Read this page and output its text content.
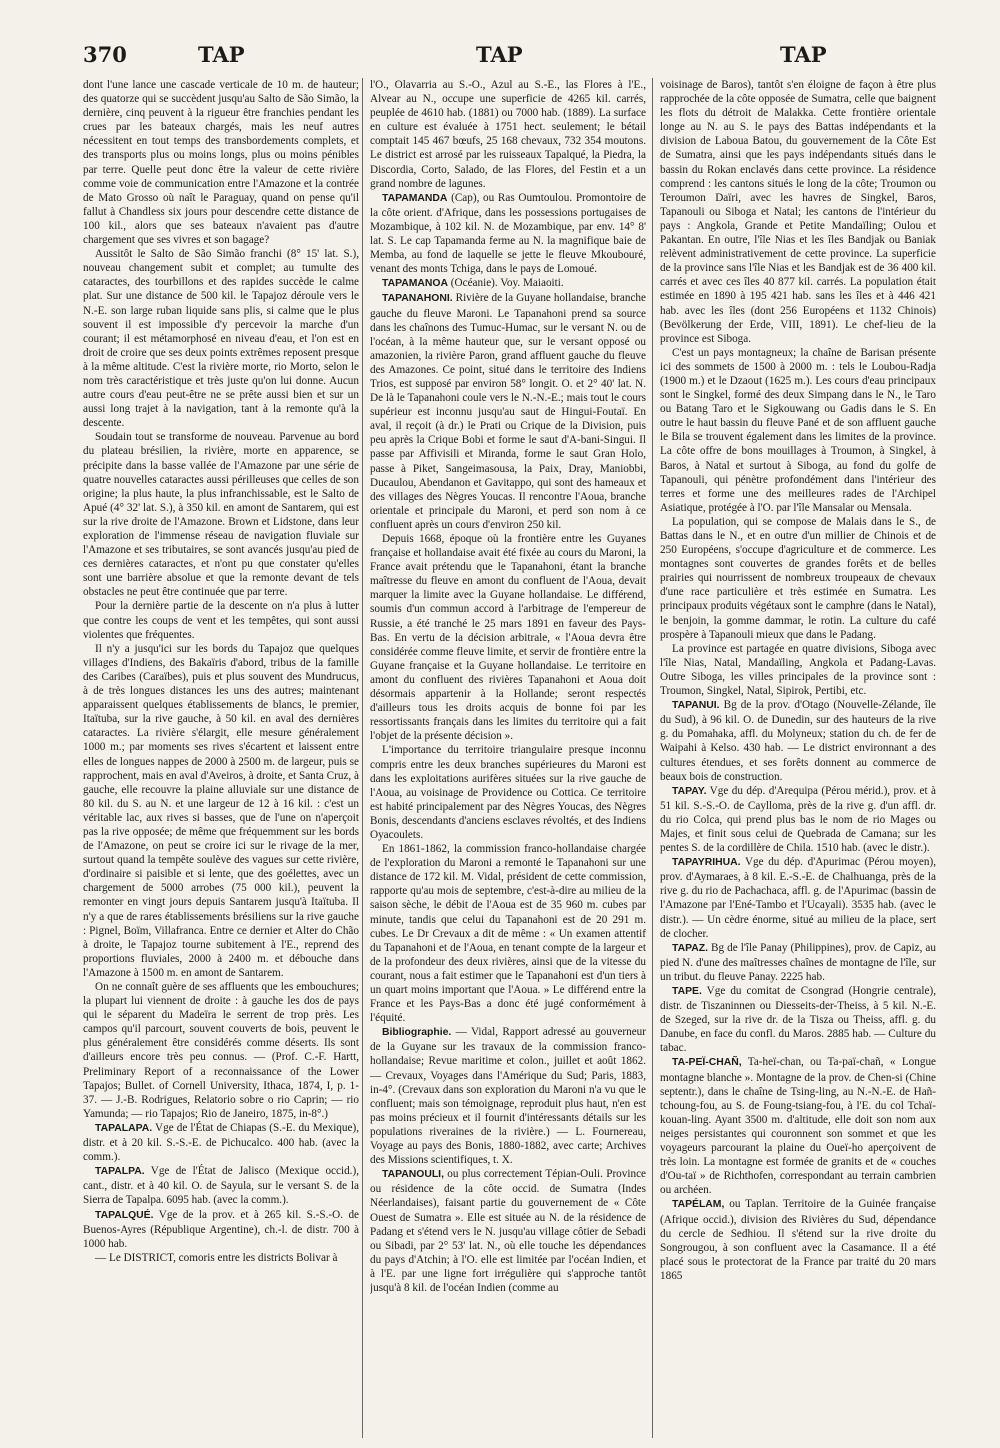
370	TAP	TAP	TAP

dont l'une lance une cascade verticale de 10 m. de hauteur; des quatorze qui se succèdent jusqu'au Salto de São Simão, la dernière, cinq peuvent à la rigueur être franchies pendant les crues par les bateaux chargés, mais les neuf autres nécessitent en tout temps des transbordements complets, et des transports plus ou moins longs, plus ou moins pénibles par terre. Quelle peut donc être la valeur de cette rivière comme voie de communication entre l'Amazone et la contrée de Mato Grosso où naît le Paraguay, quand on pense qu'il fallut à Chandless six jours pour descendre cette distance de 100 kil., alors que ses bateaux n'avaient pas d'autre chargement que ses vivres et son bagage?

Aussitôt le Salto de São Simão franchi (8° 15' lat. S.), nouveau changement subit et complet; au tumulte des cataractes, des tourbillons et des rapides succède le calme plat. Sur une distance de 500 kil. le Tapajoz déroule vers le N.-E. son large ruban liquide sans plis, si calme que le plus souvent il est impossible d'y percevoir la marche d'un courant; il est métamorphosé en niveau d'eau, et l'on est en droit de croire que ses deux points extrêmes reposent presque à la même altitude. C'est la rivière morte, rio Morto, selon le nom très caractéristique et très juste qu'on lui donne. Aucun autre cours d'eau peut-être ne se prête aussi bien et sur un aussi long trajet à la navigation, tant à la remonte qu'à la descente.

Soudain tout se transforme de nouveau. Parvenue au bord du plateau brésilien, la rivière, morte en apparence, se précipite dans la basse vallée de l'Amazone par une série de quatre nouvelles cataractes aussi périlleuses que celles de son origine; la plus haute, la plus infranchissable, est le Salto de Apué (4° 32' lat. S.), à 350 kil. en amont de Santarem, qui est sur la rive droite de l'Amazone. Brown et Lidstone, dans leur exploration de l'immense réseau de navigation fluviale sur l'Amazone et ses tributaires, se sont avancés jusqu'au pied de ces dernières cataractes, et n'ont pu que constater qu'elles sont une barrière absolue et que la remonte devant de tels obstacles ne peut être continuée que par terre.

Pour la dernière partie de la descente on n'a plus à lutter que contre les coups de vent et les tempêtes, qui sont aussi violentes que fréquentes.

Il n'y a jusqu'ici sur les bords du Tapajoz que quelques villages d'Indiens, des Bakaïris d'abord, tribus de la famille des Caribes (Caraïbes), puis et plus souvent des Mundrucus, à de très longues distances les uns des autres; maintenant apparaissent quelques établissements de blancs, le premier, Itaïtuba, sur la rive gauche, à 50 kil. en aval des dernières cataractes. La rivière s'élargit, elle mesure généralement 1000 m.; par moments ses rives s'écartent et laissent entre elles de longues nappes de 2000 à 2500 m. de largeur, puis se rapprochent, mais en aval d'Aveiros, à droite, et Santa Cruz, à gauche, elle recouvre la plaine alluviale sur une distance de 80 kil. du S. au N. et une largeur de 12 à 16 kil. : c'est un véritable lac, aux rives si basses, que de l'une on n'aperçoit pas la rive opposée; de même que fréquemment sur les bords de l'Amazone, on peut se croire ici sur le rivage de la mer, surtout quand la tempête soulève des vagues sur cette rivière, d'ordinaire si paisible et si lente, que des goélettes, avec un chargement de 5000 arrobes (75 000 kil.), peuvent la remonter en vingt jours depuis Santarem jusqu'à Itaïtuba. Il n'y a que de rares établissements brésiliens sur la rive gauche : Pignel, Boïm, Villafranca. Entre ce dernier et Alter do Chão à droite, le Tapajoz tourne subitement à l'E., reprend des proportions fluviales, 2000 à 2400 m. et débouche dans l'Amazone à 1500 m. en amont de Santarem.

On ne connaît guère de ses affluents que les embouchures; la plupart lui viennent de droite : à gauche les dos de pays qui le séparent du Madeïra le serrent de trop près. Les campos qu'il parcourt, souvent couverts de bois, peuvent le plus généralement être considérés comme déserts. Ils sont d'ailleurs encore très peu connus. — (Prof. C.-F. Hartt, Preliminary Report of a reconnaissance of the Lower Tapajos; Bullet. of Cornell University, Ithaca, 1874, I, p. 1-37. — J.-B. Rodrigues, Relatorio sobre o rio Caprin; — rio Yamunda; — rio Tapajos; Rio de Janeiro, 1875, in-8°.)

TAPALAPA. Vge de l'État de Chiapas (S.-E. du Mexique), distr. et à 20 kil. S.-S.-E. de Pichucalco. 400 hab. (avec la comm.).

TAPALPA. Vge de l'État de Jalisco (Mexique occid.), cant., distr. et à 40 kil. O. de Sayula, sur le versant S. de la Sierra de Tapalpa. 6095 hab. (avec la comm.).

TAPALQUÉ. Vge de la prov. et à 265 kil. S.-S.-O. de Buenos-Ayres (République Argentine), ch.-l. de distr. 700 à 1000 hab.

— Le DISTRICT, comoris entre les districts Bolivar à

l'O., Olavarria au S.-O., Azul au S.-E., las Flores à l'E., Alvear au N., occupe une superficie de 4265 kil. carrés, peuplée de 4610 hab. (1881) ou 7000 hab. (1889). La surface en culture est évaluée à 1751 hect. seulement; le bétail comptait 145 467 bœufs, 25 168 chevaux, 732 354 moutons. Le district est arrosé par les ruisseaux Tapalqué, la Piedra, la Discordia, Corto, Salado, de las Flores, del Festin et a un grand nombre de lagunes.

TAPAMANDA (Cap), ou Ras Oumtoulou. Promontoire de la côte orient. d'Afrique, dans les possessions portugaises de Mozambique, à 102 kil. N. de Mozambique, par env. 14° 8' lat. S. Le cap Tapamanda ferme au N. la magnifique baie de Memba, au fond de laquelle se jette le fleuve Mkoubouré, venant des monts Tchiga, dans le pays de Lomoué.

TAPAMANOA (Océanie). Voy. Maiaoiti.

TAPANAHONI. Rivière de la Guyane hollandaise, branche gauche du fleuve Maroni. Le Tapanahoni prend sa source dans les chaînons des Tumuc-Humac, sur le versant N. ou de l'océan, à la même hauteur que, sur le versant opposé ou amazonien, la rivière Paron, grand affluent gauche du fleuve des Amazones. Ce point, situé dans le territoire des Indiens Trios, est supposé par environ 58° longit. O. et 2° 40' lat. N. De là le Tapanahoni coule vers le N.-N.-E.; mais tout le cours supérieur est inconnu jusqu'au saut de Hingui-Foutaï. En aval, il reçoit (à dr.) le Prati ou Crique de la Division, puis peu après la Crique Bobi et forme le saut d'A-bani-Singui. Il passe par Affivisili et Miranda, forme le saut Gran Holo, passe à Piket, Sangeimasousa, la Paix, Dray, Maniobbi, Ducaulou, Abendanon et Gavitappo, qui sont des hameaux et des villages des Nègres Youcas. Il rencontre l'Aoua, branche orientale et principale du Maroni, et perd son nom à ce confluent après un cours d'environ 250 kil.

Depuis 1668, époque où la frontière entre les Guyanes française et hollandaise avait été fixée au cours du Maroni, la France avait prétendu que le Tapanahoni, étant la branche maîtresse du fleuve en amont du confluent de l'Aoua, devait marquer la limite avec la Guyane hollandaise. Le différend, soumis d'un commun accord à l'arbitrage de l'empereur de Russie, a été tranché le 25 mars 1891 en faveur des Pays-Bas. En vertu de la décision arbitrale, « l'Aoua devra être considérée comme fleuve limite, et servir de frontière entre la Guyane française et la Guyane hollandaise. Le territoire en amont du confluent des rivières Tapanahoni et Aoua doit désormais appartenir à la Hollande; seront respectés d'ailleurs tous les droits acquis de bonne foi par les ressortissants français dans les limites du territoire qui a fait l'objet de la présente décision ».

L'importance du territoire triangulaire presque inconnu compris entre les deux branches supérieures du Maroni est dans les exploitations aurifères situées sur la rive gauche de l'Aoua, au voisinage de Providence ou Cottica. Ce territoire est habité principalement par des Nègres Youcas, des Nègres Bonis, descendants d'anciens esclaves révoltés, et des Indiens Oyacoulets.

En 1861-1862, la commission franco-hollandaise chargée de l'exploration du Maroni a remonté le Tapanahoni sur une distance de 172 kil. M. Vidal, président de cette commission, rapporte qu'au mois de septembre, c'est-à-dire au milieu de la saison sèche, le débit de l'Aoua est de 35 960 m. cubes par minute, tandis que celui du Tapanahoni est de 20 291 m. cubes. Le Dr Crevaux a dit de même : « Un examen attentif du Tapanahoni et de l'Aoua, en tenant compte de la largeur et de la profondeur des deux rivières, ainsi que de la vitesse du courant, nous a fait estimer que le Tapanahoni est d'un tiers à un quart moins important que l'Aoua. » Le différend entre la France et les Pays-Bas a donc été jugé conformément à l'équité.

Bibliographie. — Vidal, Rapport adressé au gouverneur de la Guyane sur les travaux de la commission franco-hollandaise; Revue maritime et colon., juillet et août 1862. — Crevaux, Voyages dans l'Amérique du Sud; Paris, 1883, in-4°. (Crevaux dans son exploration du Maroni n'a vu que le confluent; mais son témoignage, reproduit plus haut, n'en est pas moins précieux et il fournit d'intéressants détails sur les populations riveraines de la rivière.) — L. Fournereau, Voyage au pays des Bonis, 1880-1882, avec carte; Archives des Missions scientifiques, t. X.

TAPANOULI, ou plus correctement Tépian-Ouli. Province ou résidence de la côte occid. de Sumatra (Indes Néerlandaises), faisant partie du gouvernement de « Côte Ouest de Sumatra ». Elle est située au N. de la résidence de Padang et s'étend vers le N. jusqu'au village côtier de Sebadi ou Sibadi, par 2° 53' lat. N., où elle touche les dépendances du pays d'Atchin; à l'O. elle est limitée par l'océan Indien, et à l'E. par une ligne fort irrégulière qui s'approche tantôt jusqu'à 8 kil. de l'océan Indien (comme au

voisinage de Baros), tantôt s'en éloigne de façon à être plus rapprochée de la côte opposée de Sumatra, celle que baignent les flots du détroit de Malakka. Cette frontière orientale longe au N. au S. le pays des Battas indépendants et la division de Laboua Batou, du gouvernement de la Côte Est de Sumatra, ainsi que les pays indépendants situés dans le bassin du Rokan enclavés dans cette province. La résidence comprend : les cantons situés le long de la côte; Troumon ou Teroumon Daïri, avec les havres de Singkel, Baros, Tapanouli ou Siboga et Natal; les cantons de l'intérieur du pays : Angkola, Grande et Petite Mandaïling; Oulou et Pakantan. En outre, l'île Nias et les îles Bandjak ou Baniak relèvent administrativement de cette province. La superficie de la province sans l'île Nias et les Bandjak est de 36 400 kil. carrés et avec ces îles 40 877 kil. carrés. La population était estimée en 1890 à 195 421 hab. sans les îles et à 446 421 hab. avec les îles (dont 256 Européens et 1132 Chinois) (Bevölkerung der Erde, VIII, 1891). Le chef-lieu de la province est Siboga.

C'est un pays montagneux; la chaîne de Barisan présente ici des sommets de 1500 à 2000 m. : tels le Loubou-Radja (1900 m.) et le Dzaout (1625 m.). Les cours d'eau principaux sont le Singkel, formé des deux Simpang dans le N., le Taro ou Batang Taro et le Sigkouwang ou Gadis dans le S. En outre le haut bassin du fleuve Pané et de son affluent gauche le Bila se trouvent également dans les limites de la province. La côte offre de bons mouillages à Troumon, à Singkel, à Baros, à Natal et surtout à Siboga, au fond du golfe de Tapanouli, qui pénètre profondément dans l'intérieur des terres et forme une des meilleures rades de l'Archipel Asiatique, protégée à l'O. par l'île Mansalar ou Mensala.

La population, qui se compose de Malais dans le S., de Battas dans le N., et en outre d'un millier de Chinois et de 250 Européens, s'occupe d'agriculture et de commerce. Les montagnes sont couvertes de grandes forêts et de belles prairies qui nourrissent de nombreux troupeaux de chevaux d'une race particulière et très estimée en Sumatra. Les principaux produits végétaux sont le camphre (dans le Natal), le benjoin, la gomme dammar, le rotin. La culture du café prospère à Tapanouli mieux que dans le Padang.

La province est partagée en quatre divisions, Siboga avec l'île Nias, Natal, Mandaïling, Angkola et Padang-Lavas. Outre Siboga, les villes principales de la province sont : Troumon, Singkel, Natal, Sipirok, Pertibi, etc.

TAPANUI. Bg de la prov. d'Otago (Nouvelle-Zélande, île du Sud), à 96 kil. O. de Dunedin, sur des hauteurs de la rive g. du Pomahaka, affl. du Molyneux; station du ch. de fer de Waipahi à Kelso. 430 hab. — Le district environnant a des cultures étendues, et ses forêts donnent au commerce de beaux bois de construction.

TAPAY. Vge du dép. d'Arequipa (Pérou mérid.), prov. et à 51 kil. S.-S.-O. de Caylloma, près de la rive g. d'un affl. dr. du rio Colca, qui prend plus bas le nom de rio Mages ou Majes, et finit sous celui de Quebrada de Camana; sur les pentes S. de la cordillère de Chila. 1510 hab. (avec le distr.).

TAPAYRIHUA. Vge du dép. d'Apurimac (Pérou moyen), prov. d'Aymaraes, à 8 kil. E.-S.-E. de Chalhuanga, près de la rive g. du rio de Pachachaca, affl. g. de l'Apurimac (bassin de l'Amazone par l'Ené-Tambo et l'Ucayali). 3535 hab. (avec le distr.). — Un cèdre énorme, situé au milieu de la place, sert de clocher.

TAPAZ. Bg de l'île Panay (Philippines), prov. de Capiz, au pied N. d'une des maîtresses chaînes de montagne de l'île, sur un tribut. du fleuve Panay. 2225 hab.

TAPE. Vge du comitat de Csongrad (Hongrie centrale), distr. de Tiszaninnen ou Diesseits-der-Theiss, à 5 kil. N.-E. de Szeged, sur la rive dr. de la Tisza ou Theiss, affl. g. du Danube, en face du confl. du Maros. 2885 hab. — Culture du tabac.

TA-PEÏ-CHAÑ, Ta-heï-chan, ou Ta-paï-chañ, « Longue montagne blanche ». Montagne de la prov. de Chen-si (Chine septentr.), dans le chaîne de Tsing-ling, au N.-N.-E. de Hañ-tchoung-fou, au S. de Foung-tsiang-fou, à l'E. du col Tchaï-kouan-ling. Ayant 3500 m. d'altitude, elle doit son nom aux neiges persistantes qui couronnent son sommet et que les voyageurs parcourant la plaine du Oueï-ho aperçoivent de très loin. La montagne est formée de granits et de « couches d'Ou-taï » de Richthofen, correspondant au terrain cambrien ou archéen.

TAPÉLAM, ou Taplan. Territoire de la Guinée française (Afrique occid.), division des Rivières du Sud, dépendance du cercle de Sedhiou. Il s'étend sur la rive droite du Songrougou, à son confluent avec la Casamance. Il a été placé sous le protectorat de la France par traité du 20 mars 1865
